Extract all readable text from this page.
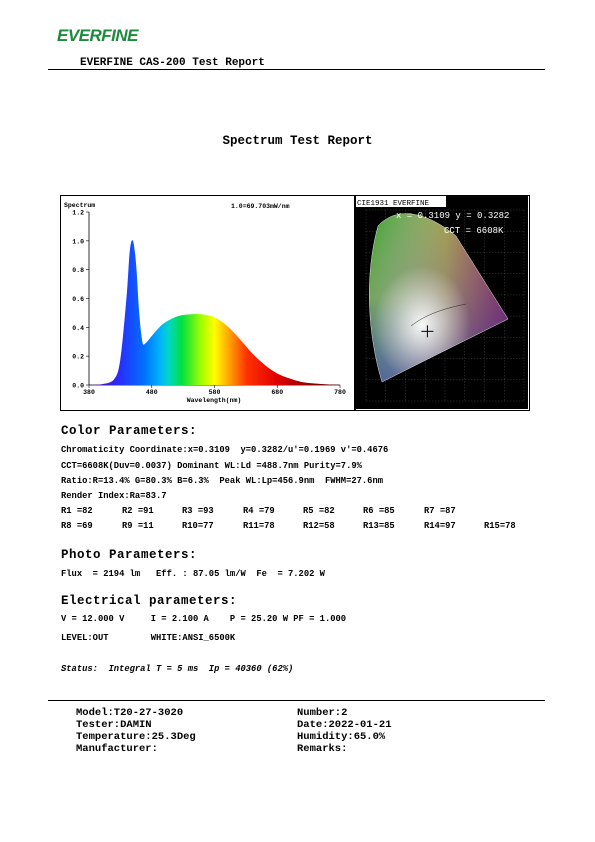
EVERFINE
EVERFINE CAS-200 Test Report
Spectrum Test Report
Spectrum	1.0=69.703mW/nm
0.0
0.2
0.4
0.6
0.8
1.0
1.2
380	480	580	680	780
Wavelength(nm)
CIE1931 EVERFINE
x = 0.3109 y = 0.3282
CCT = 6608K
Color Parameters:
Chromaticity Coordinate:x=0.3109  y=0.3282/u'=0.1969 v'=0.4676
CCT=6608K(Duv=0.0037) Dominant WL:Ld =488.7nm Purity=7.9%
Ratio:R=13.4% G=80.3% B=6.3%  Peak WL:Lp=456.9nm  FWHM=27.6nm
Render Index:Ra=83.7
R1 =82	R2 =91	R3 =93	R4 =79	R5 =82	R6 =85	R7 =87
R8 =69	R9 =11	R10=77	R11=78	R12=58	R13=85	R14=97	R15=78
Photo Parameters:
Flux  = 2194 lm   Eff. : 87.05 lm/W  Fe  = 7.202 W
Electrical parameters:
V = 12.000 V     I = 2.100 A    P = 25.20 W PF = 1.000
LEVEL:OUT        WHITE:ANSI_6500K
Status:  Integral T = 5 ms  Ip = 40360 (62%)
Model:T20-27-3020	Number:2
Tester:DAMIN	Date:2022-01-21
Temperature:25.3Deg	Humidity:65.0%
Manufacturer:	Remarks:
